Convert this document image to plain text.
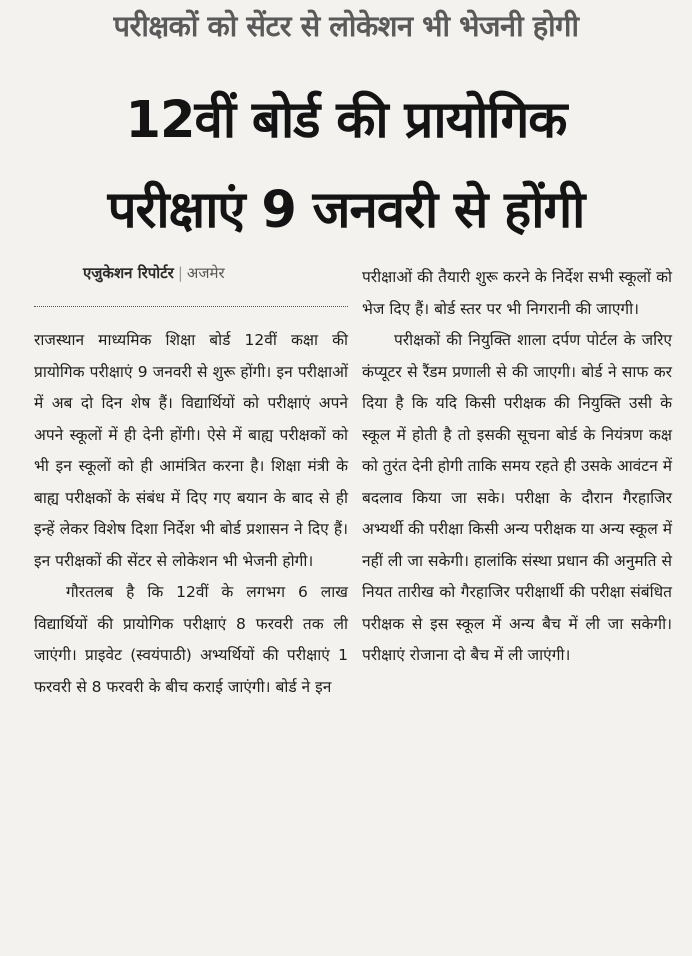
परीक्षकों को सेंटर से लोकेशन भी भेजनी होगी
12वीं बोर्ड की प्रायोगिक
परीक्षाएं 9 जनवरी से होंगी
एजुकेशन रिपोर्टर | अजमेर

राजस्थान माध्यमिक शिक्षा बोर्ड 12वीं कक्षा की प्रायोगिक परीक्षाएं 9 जनवरी से शुरू होंगी। इन परीक्षाओं में अब दो दिन शेष हैं। विद्यार्थियों को परीक्षाएं अपने अपने स्कूलों में ही देनी होंगी। ऐसे में बाह्य परीक्षकों को भी इन स्कूलों को ही आमंत्रित करना है। शिक्षा मंत्री के बाह्य परीक्षकों के संबंध में दिए गए बयान के बाद से ही इन्हें लेकर विशेष दिशा निर्देश भी बोर्ड प्रशासन ने दिए हैं। इन परीक्षकों की सेंटर से लोकेशन भी भेजनी होगी।

गौरतलब है कि 12वीं के लगभग 6 लाख विद्यार्थियों की प्रायोगिक परीक्षाएं 8 फरवरी तक ली जाएंगी। प्राइवेट (स्वयंपाठी) अभ्यर्थियों की परीक्षाएं 1 फरवरी से 8 फरवरी के बीच कराई जाएंगी। बोर्ड ने इन

परीक्षाओं की तैयारी शुरू करने के निर्देश सभी स्कूलों को भेज दिए हैं। बोर्ड स्तर पर भी निगरानी की जाएगी।

परीक्षकों की नियुक्ति शाला दर्पण पोर्टल के जरिए कंप्यूटर से रैंडम प्रणाली से की जाएगी। बोर्ड ने साफ कर दिया है कि यदि किसी परीक्षक की नियुक्ति उसी के स्कूल में होती है तो इसकी सूचना बोर्ड के नियंत्रण कक्ष को तुरंत देनी होगी ताकि समय रहते ही उसके आवंटन में बदलाव किया जा सके। परीक्षा के दौरान गैरहाजिर अभ्यर्थी की परीक्षा किसी अन्य परीक्षक या अन्य स्कूल में नहीं ली जा सकेगी। हालांकि संस्था प्रधान की अनुमति से नियत तारीख को गैरहाजिर परीक्षार्थी की परीक्षा संबंधित परीक्षक से इस स्कूल में अन्य बैच में ली जा सकेगी। परीक्षाएं रोजाना दो बैच में ली जाएंगी।
